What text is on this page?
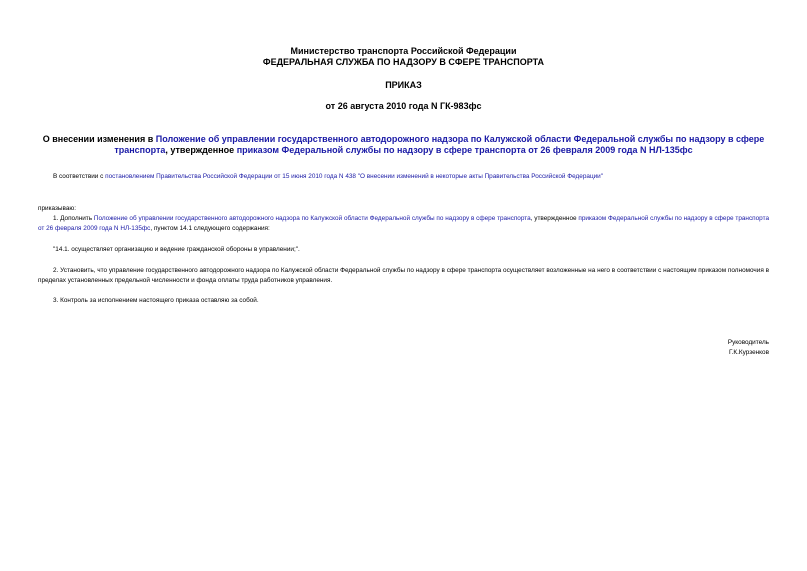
Министерство транспорта Российской Федерации
ФЕДЕРАЛЬНАЯ СЛУЖБА ПО НАДЗОРУ В СФЕРЕ ТРАНСПОРТА
ПРИКАЗ
от 26 августа 2010 года N ГК-983фс
О внесении изменения в Положение об управлении государственного автодорожного надзора по Калужской области Федеральной службы по надзору в сфере транспорта, утвержденное приказом Федеральной службы по надзору в сфере транспорта от 26 февраля 2009 года N НЛ-135фс
В соответствии с постановлением Правительства Российской Федерации от 15 июня 2010 года N 438 "О внесении изменений в некоторые акты Правительства Российской Федерации"
приказываю:
1. Дополнить Положение об управлении государственного автодорожного надзора по Калужской области Федеральной службы по надзору в сфере транспорта, утвержденное приказом Федеральной службы по надзору в сфере транспорта от 26 февраля 2009 года N НЛ-135фс, пунктом 14.1 следующего содержания:
"14.1. осуществляет организацию и ведение гражданской обороны в управлении;".
2. Установить, что управление государственного автодорожного надзора по Калужской области Федеральной службы по надзору в сфере транспорта осуществляет возложенные на него в соответствии с настоящим приказом полномочия в пределах установленных предельной численности и фонда оплаты труда работников управления.
3. Контроль за исполнением настоящего приказа оставляю за собой.
Руководитель
Г.К.Курзенков
